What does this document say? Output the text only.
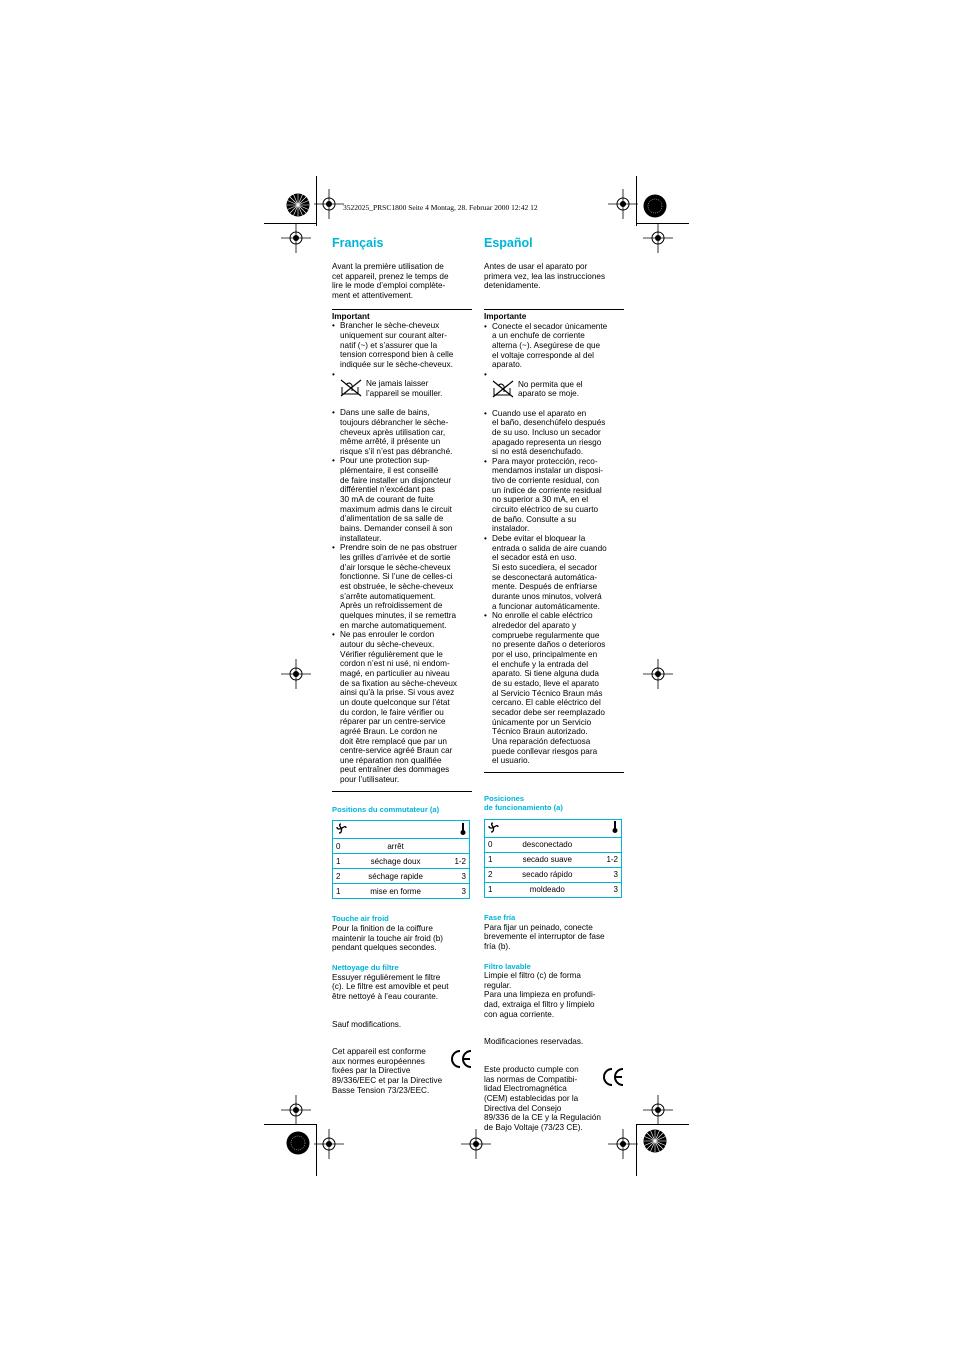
3522025_PRSC1800 Seite 4 Montag, 28. Februar 2000 12:42 12
Français
Avant la première utilisation de
cet appareil, prenez le temps de
lire le mode d’emploi complète-
ment et attentivement.
Important
• Brancher le sèche-cheveux
uniquement sur courant alter-
natif (~) et s’assurer que la
tension correspond bien à celle
indiquée sur le sèche-cheveux.

• Ne jamais laisser
l’appareil se mouiller.

• Dans une salle de bains,
toujours débrancher le sèche-
cheveux après utilisation car,
même arrêté, il présente un
risque s’il n’est pas débranché.
• Pour une protection sup-
plémentaire, il est conseillé
de faire installer un disjoncteur
différentiel n’excédant pas
30 mA de courant de fuite
maximum admis dans le circuit
d’alimentation de sa salle de
bains. Demander conseil à son
installateur.
• Prendre soin de ne pas obstruer
les grilles d’arrivée et de sortie
d’air lorsque le sèche-cheveux
fonctionne. Si l’une de celles-ci
est obstruée, le sèche-cheveux
s’arrête automatiquement.
Après un refroidissement de
quelques minutes, il se remettra
en marche automatiquement.
• Ne pas enrouler le cordon
autour du sèche-cheveux.
Vérifier régulièrement que le
cordon n’est ni usé, ni endom-
magé, en particulier au niveau
de sa fixation au sèche-cheveux
ainsi qu’à la prise. Si vous avez
un doute quelconque sur l’état
du cordon, le faire vérifier ou
réparer par un centre-service
agréé Braun. Le cordon ne
doit être remplacé que par un
centre-service agréé Braun car
une réparation non qualifiée
peut entraîner des dommages
pour l’utilisateur.
Positions du commutateur (a)

0	arrêt	
1	séchage doux	1-2
2	séchage rapide	3
1	mise en forme	3
Touche air froid
Pour la finition de la coiffure
maintenir la touche air froid (b)
pendant quelques secondes.
Nettoyage du filtre
Essuyer régulièrement le filtre
(c). Le filtre est amovible et peut
être nettoyé à l’eau courante.
Sauf modifications.
Cet appareil est conforme
aux normes européennes
fixées par la Directive
89/336/EEC et par la Directive
Basse Tension 73/23/EEC.
Español
Antes de usar el aparato por
primera vez, lea las instrucciones
detenidamente.
Importante
• Conecte el secador únicamente
a un enchufe de corriente
alterna (~). Asegúrese de que
el voltaje corresponde al del
aparato.

• No permita que el
aparato se moje.

• Cuando use el aparato en
el baño, desenchúfelo después
de su uso. Incluso un secador
apagado representa un riesgo
si no está desenchufado.
• Para mayor protección, reco-
mendamos instalar un disposi-
tivo de corriente residual, con
un índice de corriente residual
no superior a 30 mA, en el
circuito eléctrico de su cuarto
de baño. Consulte a su
instalador.
• Debe evitar el bloquear la
entrada o salida de aire cuando
el secador está en uso.
Si esto sucediera, el secador
se desconectará automática-
mente. Después de enfriarse
durante unos minutos, volverá
a funcionar automáticamente.
• No enrolle el cable eléctrico
alrededor del aparato y
compruebe regularmente que
no presente daños o deterioros
por el uso, principalmente en
el enchufe y la entrada del
aparato. Si tiene alguna duda
de su estado, lleve el aparato
al Servicio Técnico Braun más
cercano. El cable eléctrico del
secador debe ser reemplazado
únicamente por un Servicio
Técnico Braun autorizado.
Una reparación defectuosa
puede conllevar riesgos para
el usuario.
Posiciones
de funcionamiento (a)

0	desconectado	
1	secado suave	1-2
2	secado rápido	3
1	moldeado	3
Fase fría
Para fijar un peinado, conecte
brevemente el interruptor de fase
fría (b).
Filtro lavable
Limpie el filtro (c) de forma
regular.
Para una limpieza en profundi-
dad, extraiga el filtro y límpielo
con agua corriente.
Modificaciones reservadas.
Este producto cumple con
las normas de Compatibi-
lidad Electromagnética
(CEM) establecidas por la
Directiva del Consejo
89/336 de la CE y la Regulación
de Bajo Voltaje (73/23 CE).
